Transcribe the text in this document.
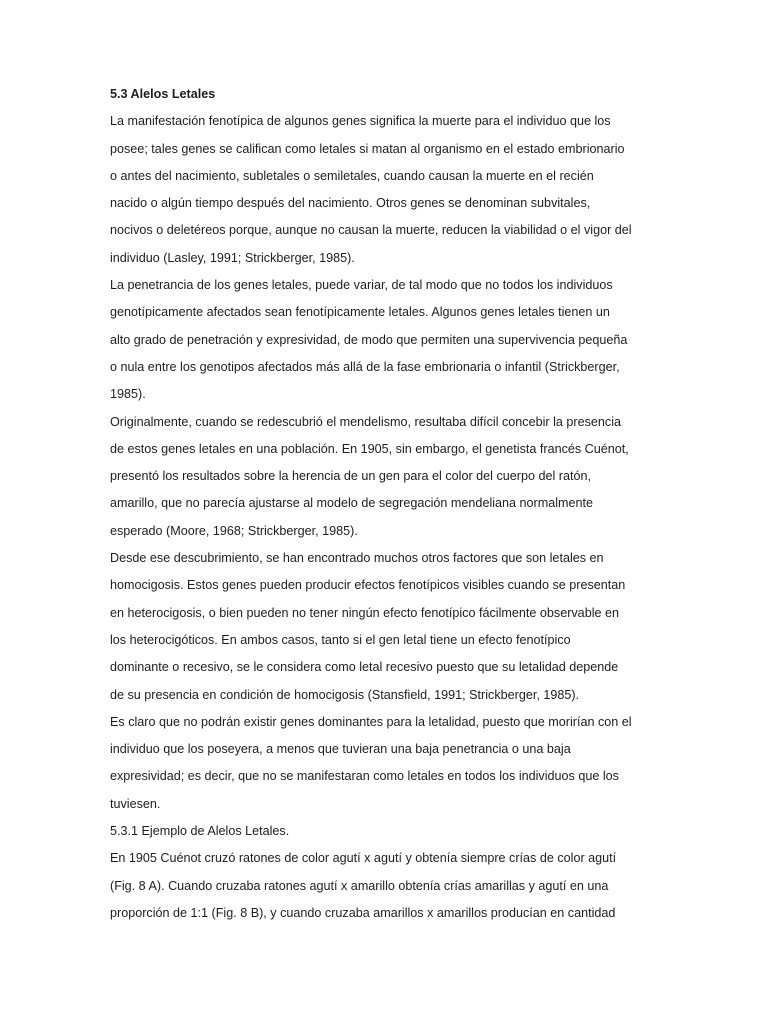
5.3 Alelos Letales
La manifestación fenotípica de algunos genes significa la muerte para el individuo que los
posee; tales genes se califican como letales si matan al organismo en el estado embrionario
o antes del nacimiento, subletales o semiletales, cuando causan la muerte en el recién
nacido o algún tiempo después del nacimiento. Otros genes se denominan subvitales,
nocivos o deletéreos porque, aunque no causan la muerte, reducen la viabilidad o el vigor del
individuo (Lasley, 1991; Strickberger, 1985).
La penetrancia de los genes letales, puede variar, de tal modo que no todos los individuos
genotípicamente afectados sean fenotípicamente letales. Algunos genes letales tienen un
alto grado de penetración y expresividad, de modo que permiten una supervivencia pequeña
o nula entre los genotipos afectados más allá de la fase embrionaria o infantil (Strickberger,
1985).
Originalmente, cuando se redescubrió el mendelismo, resultaba difícil concebir la presencia
de estos genes letales en una población. En 1905, sin embargo, el genetista francés Cuénot,
presentó los resultados sobre la herencia de un gen para el color del cuerpo del ratón,
amarillo, que no parecía ajustarse al modelo de segregación mendeliana normalmente
esperado (Moore, 1968; Strickberger, 1985).
Desde ese descubrimiento, se han encontrado muchos otros factores que son letales en
homocigosis. Estos genes pueden producir efectos fenotípicos visibles cuando se presentan
en heterocigosis, o bien pueden no tener ningún efecto fenotípico fácilmente observable en
los heterocigóticos. En ambos casos, tanto si el gen letal tiene un efecto fenotípico
dominante o recesivo, se le considera como letal recesivo puesto que su letalidad depende
de su presencia en condición de homocigosis (Stansfield, 1991; Strickberger, 1985).
Es claro que no podrán existir genes dominantes para la letalidad, puesto que morirían con el
individuo que los poseyera, a menos que tuvieran una baja penetrancia o una baja
expresividad; es decir, que no se manifestaran como letales en todos los individuos que los
tuviesen.
5.3.1 Ejemplo de Alelos Letales.
En 1905 Cuénot cruzó ratones de color agutí x agutí y obtenía siempre crías de color agutí
(Fig. 8 A). Cuando cruzaba ratones agutí x amarillo obtenía crías amarillas y agutí en una
proporción de 1:1 (Fig. 8 B), y cuando cruzaba amarillos x amarillos producían en cantidad
